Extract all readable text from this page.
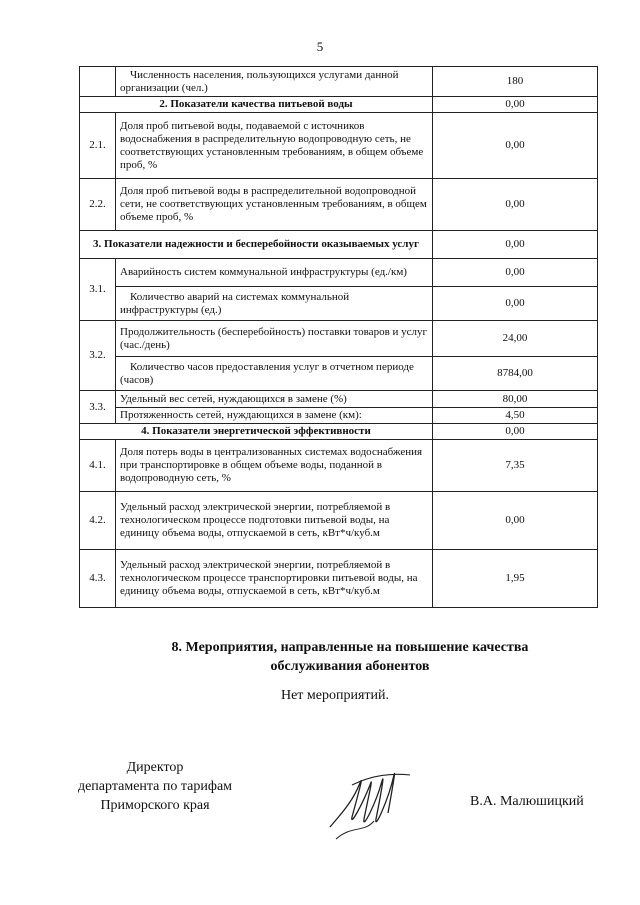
5
	Численность населения, пользующихся услугами данной организации (чел.)	180
2. Показатели качества питьевой воды		0,00
2.1.	Доля проб питьевой воды, подаваемой с источников водоснабжения в распределительную водопроводную сеть, не соответствующих установленным требованиям, в общем объеме проб, %	0,00
2.2.	Доля проб питьевой воды в распределительной водопроводной сети, не соответствующих установленным требованиям, в общем объеме проб, %	0,00
3. Показатели надежности и бесперебойности оказываемых услуг		0,00
3.1.	Аварийность систем коммунальной инфраструктуры (ед./км)	0,00
	Количество аварий на системах коммунальной инфраструктуры (ед.)	0,00
3.2.	Продолжительность (бесперебойность) поставки товаров и услуг (час./день)	24,00
	Количество часов предоставления услуг в отчетном периоде (часов)	8784,00
3.3.	Удельный вес сетей, нуждающихся в замене (%)	80,00
	Протяженность сетей, нуждающихся в замене (км):	4,50
4. Показатели энергетической эффективности		0,00
4.1.	Доля потерь воды в централизованных системах водоснабжения при транспортировке в общем объеме воды, поданной в водопроводную сеть, %	7,35
4.2.	Удельный расход электрической энергии, потребляемой в технологическом процессе подготовки питьевой воды, на единицу объема воды, отпускаемой в сеть, кВт*ч/куб.м	0,00
4.3.	Удельный расход электрической энергии, потребляемой в технологическом процессе транспортировки питьевой воды, на единицу объема воды, отпускаемой в сеть, кВт*ч/куб.м	1,95
8. Мероприятия, направленные на повышение качества
обслуживания абонентов
Нет мероприятий.
Директор
департамента по тарифам
Приморского края	В.А. Малюшицкий
